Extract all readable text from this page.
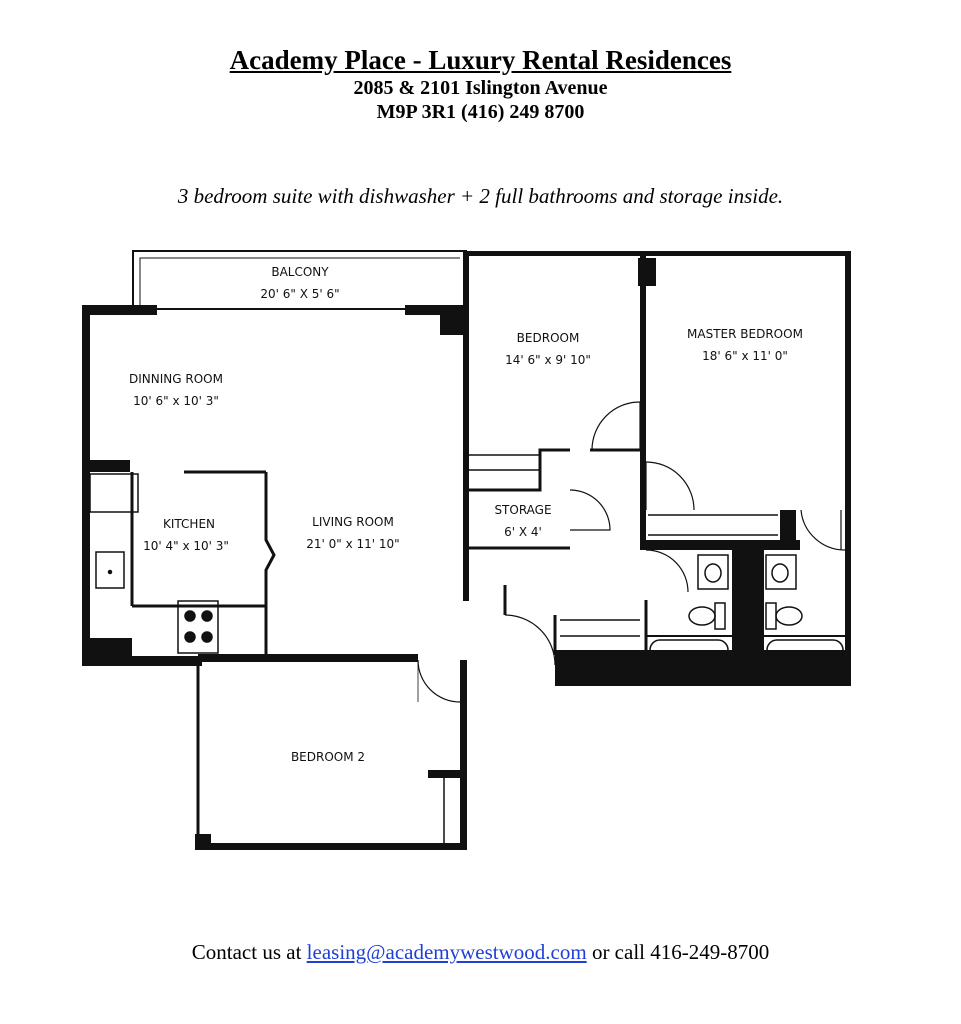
Academy Place - Luxury Rental Residences
2085 & 2101 Islington Avenue
M9P 3R1 (416) 249 8700
3 bedroom suite with dishwasher + 2 full bathrooms and storage inside.
BALCONY
20' 6" X 5' 6"
BEDROOM
14' 6" x 9' 10"
MASTER BEDROOM
18' 6" x 11' 0"
DINNING ROOM
10' 6" x 10' 3"
KITCHEN
10' 4" x 10' 3"
LIVING ROOM
21' 0" x 11' 10"
STORAGE
6' X 4'
BEDROOM 2
Contact us at leasing@academywestwood.com or call 416-249-8700
